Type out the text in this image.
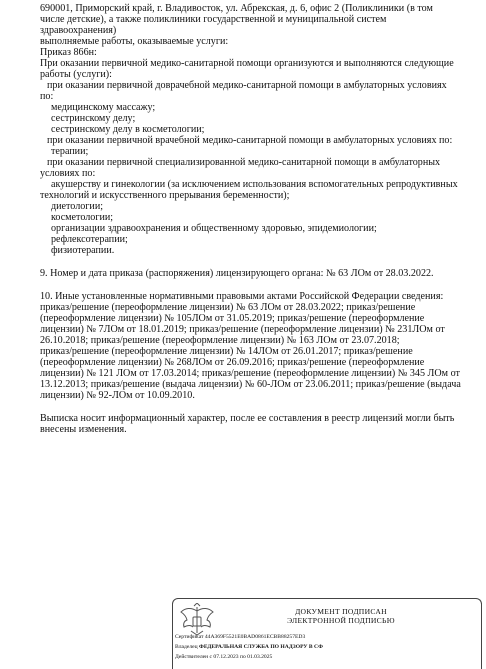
690001, Приморский край, г. Владивосток, ул. Абрекская, д. 6, офис 2 (Поликлиники (в том
числе детские), а также поликлиники государственной и муниципальной систем
здравоохранения)
выполняемые работы, оказываемые услуги:
Приказ 866н:
При оказании первичной медико-санитарной помощи организуются и выполняются следующие
работы (услуги):
при оказании первичной доврачебной медико-санитарной помощи в амбулаторных условиях
по:
медицинскому массажу;
сестринскому делу;
сестринскому делу в косметологии;
при оказании первичной врачебной медико-санитарной помощи в амбулаторных условиях по:
терапии;
при оказании первичной специализированной медико-санитарной помощи в амбулаторных
условиях по:
акушерству и гинекологии (за исключением использования вспомогательных репродуктивных
технологий и искусственного прерывания беременности);
диетологии;
косметологии;
организации здравоохранения и общественному здоровью, эпидемиологии;
рефлексотерапии;
физиотерапии.
9. Номер и дата приказа (распоряжения) лицензирующего органа: № 63 ЛОм от 28.03.2022.
10. Иные установленные нормативными правовыми актами Российской Федерации сведения:
приказ/решение (переоформление лицензии) № 63 ЛОм от 28.03.2022; приказ/решение
(переоформление лицензии) № 105ЛОм от 31.05.2019; приказ/решение (переоформление
лицензии) № 7ЛОм от 18.01.2019; приказ/решение (переоформление лицензии) № 231ЛОм от
26.10.2018; приказ/решение (переоформление лицензии) № 163 ЛОм от 23.07.2018;
приказ/решение (переоформление лицензии) № 14ЛОм от 26.01.2017; приказ/решение
(переоформление лицензии) № 268ЛОм от 26.09.2016; приказ/решение (переоформление
лицензии) № 121 ЛОм от 17.03.2014; приказ/решение (переоформление лицензии) № 345 ЛОм от
13.12.2013; приказ/решение (выдача лицензии) № 60-ЛОм от 23.06.2011; приказ/решение (выдача
лицензии) № 92-ЛОм от 10.09.2010.
Выписка носит информационный характер, после ее составления в реестр лицензий могли быть
внесены изменения.
ДОКУМЕНТ ПОДПИСАН
ЭЛЕКТРОННОЙ ПОДПИСЬЮ
Сертификат 44A369F5521E0BAD0861ECBB88257ED3
Владелец ФЕДЕРАЛЬНАЯ СЛУЖБА ПО НАДЗОРУ В СФ
Действителен с 07.12.2023 по 01.03.2025
